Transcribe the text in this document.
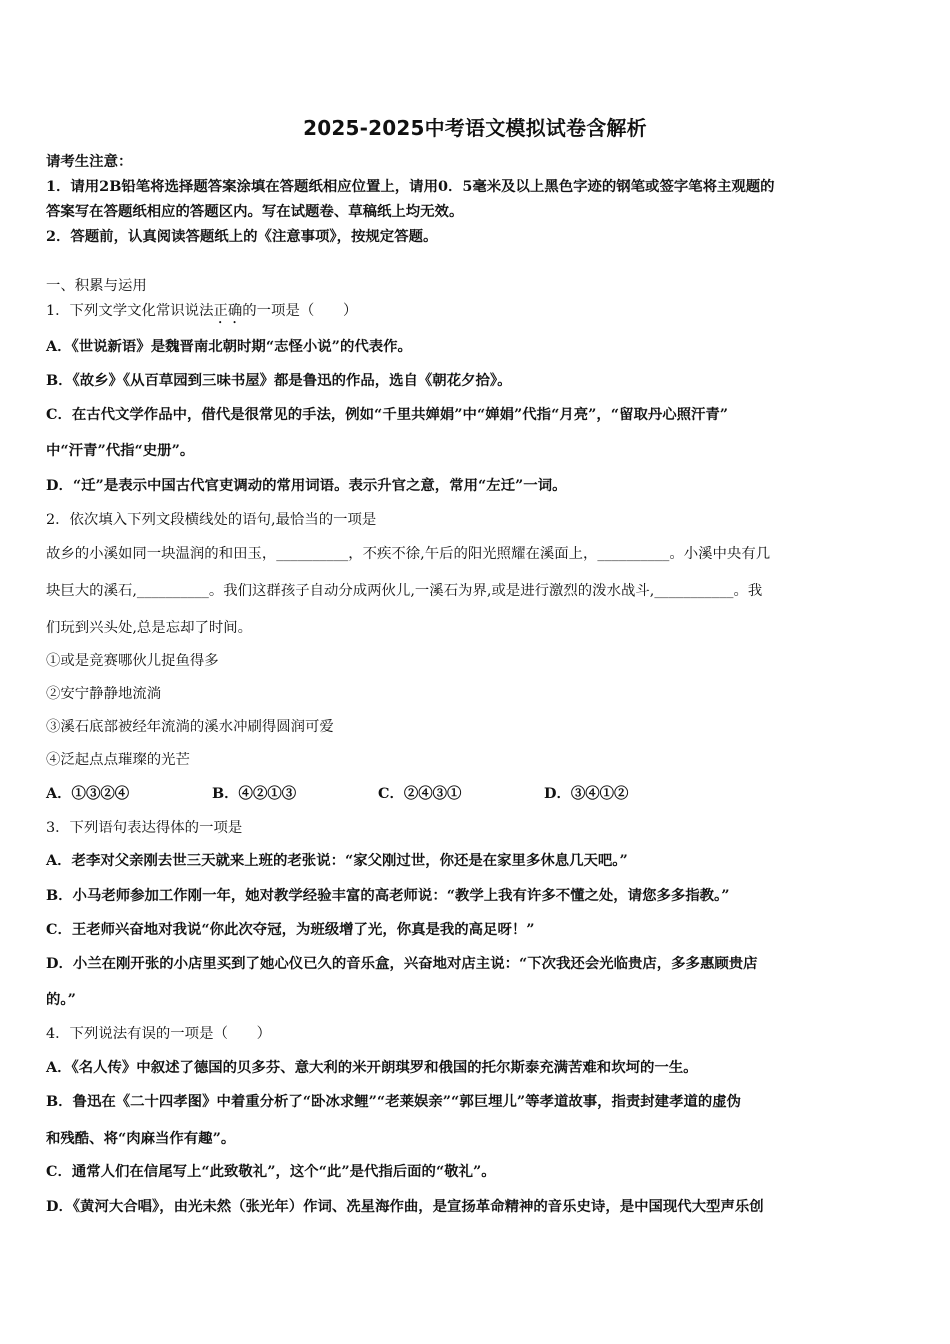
2025-2025中考语文模拟试卷含解析
请考生注意：
1．请用2B铅笔将选择题答案涂填在答题纸相应位置上，请用0．5毫米及以上黑色字迹的钢笔或签字笔将主观题的
答案写在答题纸相应的答题区内。写在试题卷、草稿纸上均无效。
2．答题前，认真阅读答题纸上的《注意事项》，按规定答题。
一、积累与运用
1．下列文学文化常识说法正确的一项是（　　）
A．《世说新语》是魏晋南北朝时期“志怪小说”的代表作。
B．《故乡》《从百草园到三味书屋》都是鲁迅的作品，选自《朝花夕拾》。
C．在古代文学作品中，借代是很常见的手法，例如“千里共婵娟”中“婵娟”代指“月亮”，“留取丹心照汗青”
中“汗青”代指“史册”。
D．“迁”是表示中国古代官吏调动的常用词语。表示升官之意，常用“左迁”一词。
2．依次填入下列文段横线处的语句,最恰当的一项是
故乡的小溪如同一块温润的和田玉，__________，不疾不徐,午后的阳光照耀在溪面上，__________。小溪中央有几
块巨大的溪石,__________。我们这群孩子自动分成两伙儿,一溪石为界,或是进行激烈的泼水战斗,___________。我
们玩到兴头处,总是忘却了时间。
①或是竞赛哪伙儿捉鱼得多
②安宁静静地流淌
③溪石底部被经年流淌的溪水冲刷得圆润可爱
④泛起点点璀璨的光芒
A．①③②④	B．④②①③	C．②④③①	D．③④①②
3．下列语句表达得体的一项是
A．老李对父亲刚去世三天就来上班的老张说：“家父刚过世，你还是在家里多休息几天吧。”
B．小马老师参加工作刚一年，她对教学经验丰富的高老师说：“教学上我有许多不懂之处，请您多多指教。”
C．王老师兴奋地对我说“你此次夺冠，为班级增了光，你真是我的高足呀！”
D．小兰在刚开张的小店里买到了她心仪已久的音乐盒，兴奋地对店主说：“下次我还会光临贵店，多多惠顾贵店
的。”
4．下列说法有误的一项是（　　）
A．《名人传》中叙述了德国的贝多芬、意大利的米开朗琪罗和俄国的托尔斯泰充满苦难和坎坷的一生。
B．鲁迅在《二十四孝图》中着重分析了“卧冰求鲤”“老莱娱亲”“郭巨埋儿”等孝道故事，指责封建孝道的虚伪
和残酷、将“肉麻当作有趣”。
C．通常人们在信尾写上“此致敬礼”，这个“此”是代指后面的“敬礼”。
D．《黄河大合唱》，由光未然（张光年）作词、冼星海作曲，是宣扬革命精神的音乐史诗，是中国现代大型声乐创
